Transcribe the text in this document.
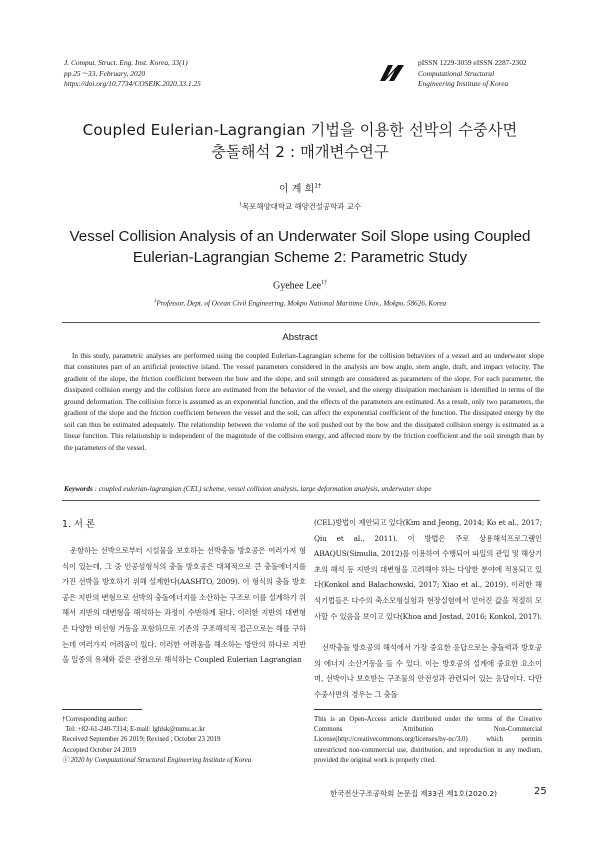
J. Comput. Struct. Eng. Inst. Korea, 33(1)
pp.25～33, February, 2020
https://doi.org/10.7734/COSEIK.2020.33.1.25
pISSN 1229-3059 eISSN 2287-2302
Computational Structural
Engineering Institute of Korea
Coupled Eulerian-Lagrangian 기법을 이용한 선박의 수중사면
충돌해석 2 : 매개변수연구
이 계 희$^{1\dagger}$
$^1$목포해양대학교 해양건설공학과 교수
Vessel Collision Analysis of an Underwater Soil Slope using Coupled
Eulerian-Lagrangian Scheme 2: Parametric Study
Gyehee Lee$^{1\dagger}$
$^1$Professor, Dept. of Ocean Civil Engineering, Mokpo National Maritime Univ., Mokpo, 58626, Korea
Abstract
In this study, parametric analyses are performed using the coupled Eulerian-Lagrangian scheme for the collision behaviors of a vessel and an underwater slope that constitutes part of an artificial protective island. The vessel parameters considered in the analysis are bow angle, stem angle, draft, and impact velocity. The gradient of the slope, the friction coefficient between the bow and the slope, and soil strength are considered as parameters of the slope. For each parameter, the dissipated collision energy and the collision force are estimated from the behavior of the vessel, and the energy dissipation mechanism is identified in terms of the ground deformation. The collision force is assumed as an exponential function, and the effects of the parameters are estimated. As a result, only two parameters, the gradient of the slope and the friction coefficient between the vessel and the soil, can affect the exponential coefficient of the function. The dissipated energy by the soil can thus be estimated adequately. The relationship between the volume of the soil pushed out by the bow and the dissipated collision energy is estimated as a linear function. This relationship is independent of the magnitude of the collision energy, and affected more by the friction coefficient and the soil strength than by the parameters of the vessel.
Keywords : coupled eulerian-lagrangian (CEL) scheme, vessel collision analysis, large deformation analysis, underwater slope
1. 서 론
운항하는 선박으로부터 시설물을 보호하는 선박충돌 방호공은 여러가지 형식이 있는데, 그 중 인공섬형식의 충돌 방호공은 대체적으로 큰 충돌에너지를 가진 선박을 방호하기 위해 설계한다(AASHTO, 2009). 이 형식의 충돌 방호공은 지반의 변형으로 선박의 충돌에너지를 소산하는 구조로 이를 설계하기 위해서 지반의 대변형을 해석하는 과정이 수반하게 된다. 이러한 지반의 대변형은 다양한 비선형 거동을 포함하므로 기존의 구조해석적 접근으로는 해를 구하는데 여러가지 어려움이 있다. 이러한 어려움을 해소하는 방안의 하나로 지반을 일종의 유체와 같은 관점으로 해석하는 Coupled Eulerian Lagrangian
(CEL)방법이 제안되고 있다(Kim and Jeong, 2014; Ko et al., 2017; Qiu et al., 2011). 이 방법은 주로 상용해석프로그램인 ABAQUS(Simulia, 2012)를 이용하여 수행되어 파일의 관입 및 해상기초의 해석 등 지반의 대변형을 고려해야 하는 다양한 분야에 적용되고 있다(Konkol and Balachowski, 2017; Xiao et al., 2019). 이러한 해석기법들은 다수의 축소모형실험과 현장실험에서 얻어진 값을 적절히 모사할 수 있음을 보이고 있다(Khoa and Jostad, 2016; Konkol, 2017).
선박충돌 방호공의 해석에서 가장 중요한 응답으로는 충돌력과 방호공의 에너지 소산거동을 들 수 있다. 이는 방호공의 설계에 중요한 요소이며, 선박이나 보호받는 구조물의 안전성과 관련되어 있는 응답이다. 다만 수중사면의 경우는 그 충돌
†Corresponding author:
Tel: +82-61-240-7314; E-mail: lghlsk@mmu.ac.kr
Received September 26 2019; Revised ; October 23 2019
Accepted October 24 2019
ⓒ 2020 by Computational Structural Engineering Institute of Korea
This is an Open-Access article distributed under the terms of the Creative Commons Attribution Non-Commercial License(http://creativecommons.org/licenses/by-nc/3.0) which permits unrestricted non-commercial use, distribution, and reproduction in any medium, provided the original work is properly cited.
한국전산구조공학회 논문집 제33권 제1호(2020.2)	25
